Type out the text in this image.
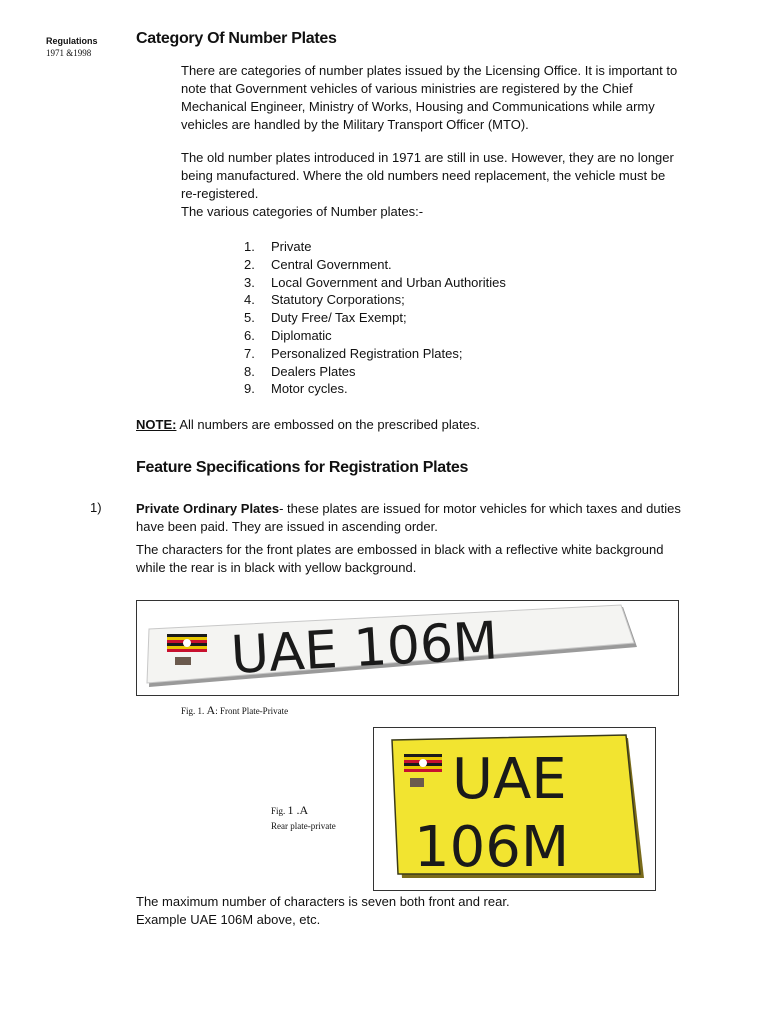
Regulations
1971 &1998
Category Of Number Plates
There are categories of number plates issued by the Licensing Office. It is important to note that Government vehicles of various ministries are registered by the Chief Mechanical Engineer, Ministry of Works, Housing and Communications while army vehicles are handled by the Military Transport Officer (MTO).
The old number plates introduced in 1971 are still in use. However, they are no longer being manufactured. Where the old numbers need replacement, the vehicle must be re-registered.
The various categories of Number plates:-
1. Private
2. Central Government.
3. Local Government and Urban Authorities
4. Statutory Corporations;
5. Duty Free/ Tax Exempt;
6. Diplomatic
7. Personalized Registration Plates;
8. Dealers Plates
9. Motor cycles.
NOTE: All numbers are embossed on the prescribed plates.
Feature Specifications for Registration Plates
1)	Private Ordinary Plates- these plates are issued for motor vehicles for which taxes and duties have been paid. They are issued in ascending order.
The characters for the front plates are embossed in black with a reflective white background while the rear is in black with yellow background.
UAE 106M
Fig. 1. A: Front Plate-Private
UAE
106M
Fig. 1 .A
Rear plate-private
The maximum number of characters is seven both front and rear.
Example UAE 106M above, etc.
